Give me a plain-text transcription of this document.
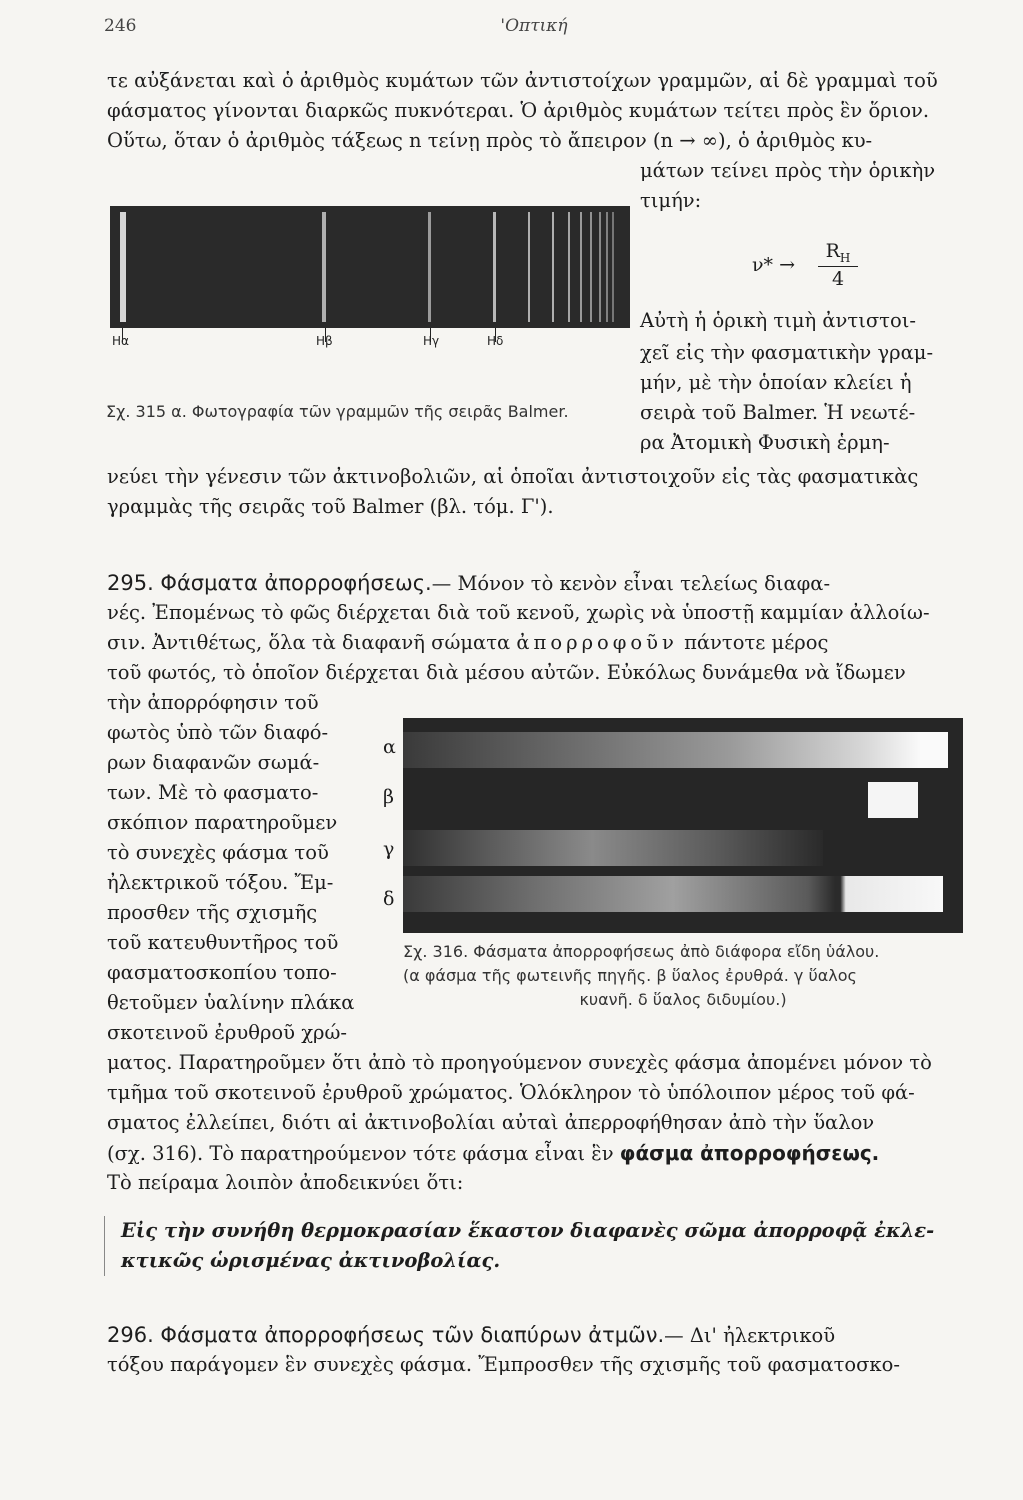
246	'Οπτική

τε αὐξάνεται καὶ ὁ ἀριθμὸς κυμάτων τῶν ἀντιστοίχων γραμμῶν, αἱ δὲ γραμμαὶ τοῦ

φάσματος γίνονται διαρκῶς πυκνότεραι. Ὁ ἀριθμὸς κυμάτων τείτει πρὸς ἓν ὅριον.

Οὕτω, ὅταν ὁ ἀριθμὸς τάξεως n τείνῃ πρὸς τὸ ἄπειρον (n → ∞), ὁ ἀριθμὸς κυ-

μάτων τείνει πρὸς τὴν ὁρικὴν

τιμήν:

ν* →
$R_H$
4

Αὐτὴ ἡ ὁρικὴ τιμὴ ἀντιστοι-

χεῖ εἰς τὴν φασματικὴν γραμ-

μήν, μὲ τὴν ὁποίαν κλείει ἡ

σειρὰ τοῦ Balmer. Ἡ νεωτέ-

ρα Ἀτομικὴ Φυσικὴ ἑρμη-

Hα	Hβ	Hγ	Hδ
Σχ. 315 α. Φωτογραφία τῶν γραμμῶν τῆς σειρᾶς Balmer.

νεύει τὴν γένεσιν τῶν ἀκτινοβολιῶν, αἱ ὁποῖαι ἀντιστοιχοῦν εἰς τὰς φασματικὰς

γραμμὰς τῆς σειρᾶς τοῦ Balmer (βλ. τόμ. Γ').

295. Φάσματα ἀπορροφήσεως.— Μόνον τὸ κενὸν εἶναι τελείως διαφα-

νές. Ἐπομένως τὸ φῶς διέρχεται διὰ τοῦ κενοῦ, χωρὶς νὰ ὑποστῇ καμμίαν ἀλλοίω-

σιν. Ἀντιθέτως, ὅλα τὰ διαφανῆ σώματα ἀπορροφοῦν πάντοτε μέρος

τοῦ φωτός, τὸ ὁποῖον διέρχεται διὰ μέσου αὐτῶν. Εὐκόλως δυνάμεθα νὰ ἴδωμεν

τὴν ἀπορρόφησιν τοῦ

φωτὸς ὑπὸ τῶν διαφό-

ρων διαφανῶν σωμά-

των. Μὲ τὸ φασματο-

σκόπιον παρατηροῦμεν

τὸ συνεχὲς φάσμα τοῦ

ἠλεκτρικοῦ τόξου. Ἔμ-

προσθεν τῆς σχισμῆς

τοῦ κατευθυντῆρος τοῦ

φασματοσκοπίου τοπο-

θετοῦμεν ὑαλίνην πλάκα

σκοτεινοῦ ἐρυθροῦ χρώ-

α
β
γ
δ
Σχ. 316. Φάσματα ἀπορροφήσεως ἀπὸ διάφορα εἴδη ὑάλου.
(α φάσμα τῆς φωτεινῆς πηγῆς. β ὕαλος ἐρυθρά. γ ὕαλος
κυανῆ. δ ὕαλος διδυμίου.)

ματος. Παρατηροῦμεν ὅτι ἀπὸ τὸ προηγούμενον συνεχὲς φάσμα ἀπομένει μόνον τὸ

τμῆμα τοῦ σκοτεινοῦ ἐρυθροῦ χρώματος. Ὁλόκληρον τὸ ὑπόλοιπον μέρος τοῦ φά-

σματος ἐλλείπει, διότι αἱ ἀκτινοβολίαι αὐταὶ ἀπερροφήθησαν ἀπὸ τὴν ὕαλον

(σχ. 316). Τὸ παρατηρούμενον τότε φάσμα εἶναι ἓν φάσμα ἀπορροφήσεως.

Τὸ πείραμα λοιπὸν ἀποδεικνύει ὅτι:

Εἰς τὴν συνήθη θερμοκρασίαν ἕκαστον διαφανὲς σῶμα ἀπορροφᾷ ἐκλε-

κτικῶς ὡρισμένας ἀκτινοβολίας.

296. Φάσματα ἀπορροφήσεως τῶν διαπύρων ἀτμῶν.— Δι' ἠλεκτρικοῦ

τόξου παράγομεν ἓν συνεχὲς φάσμα. Ἔμπροσθεν τῆς σχισμῆς τοῦ φασματοσκο-
